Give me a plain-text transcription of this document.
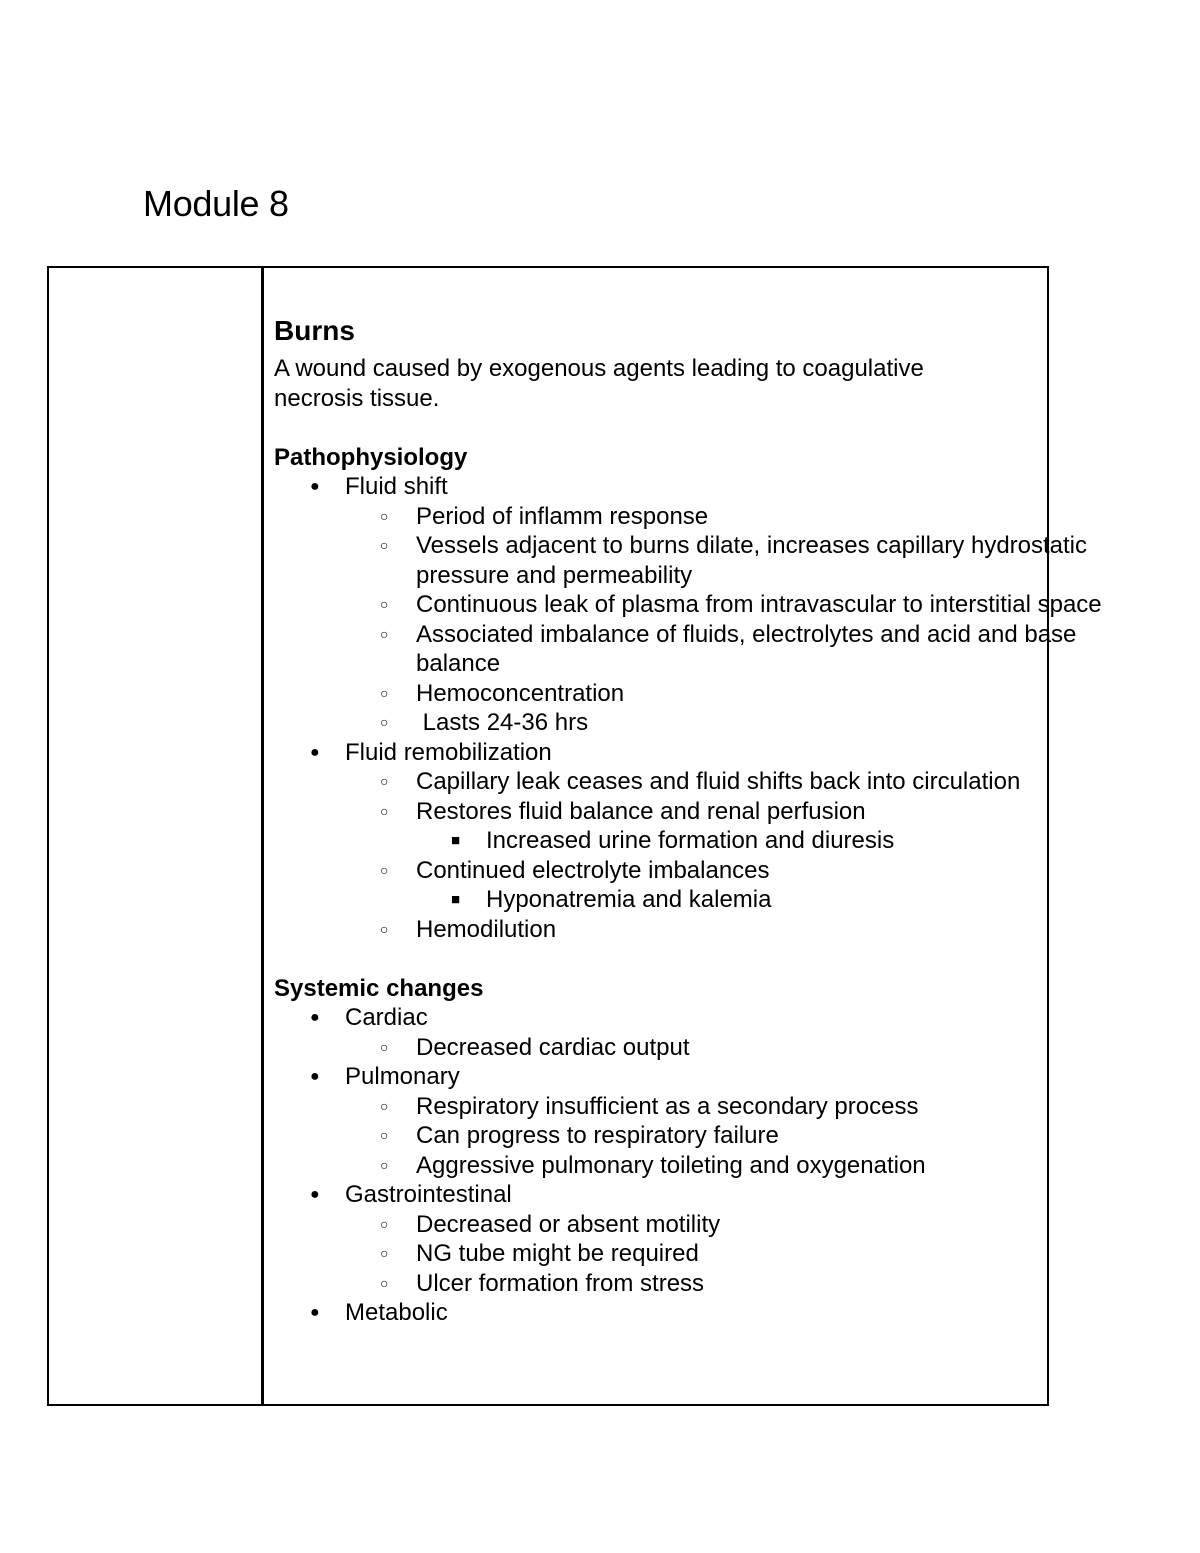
Module 8
Burns

A wound caused by exogenous agents leading to coagulative necrosis tissue.

Pathophysiology
● Fluid shift
○ Period of inflamm response
○ Vessels adjacent to burns dilate, increases capillary hydrostatic pressure and permeability
○ Continuous leak of plasma from intravascular to interstitial space
○ Associated imbalance of fluids, electrolytes and acid and base balance
○ Hemoconcentration
○ Lasts 24-36 hrs
● Fluid remobilization
○ Capillary leak ceases and fluid shifts back into circulation
○ Restores fluid balance and renal perfusion
■ Increased urine formation and diuresis
○ Continued electrolyte imbalances
■ Hyponatremia and kalemia
○ Hemodilution
Systemic changes
● Cardiac
○ Decreased cardiac output
● Pulmonary
○ Respiratory insufficient as a secondary process
○ Can progress to respiratory failure
○ Aggressive pulmonary toileting and oxygenation
● Gastrointestinal
○ Decreased or absent motility
○ NG tube might be required
○ Ulcer formation from stress
● Metabolic
